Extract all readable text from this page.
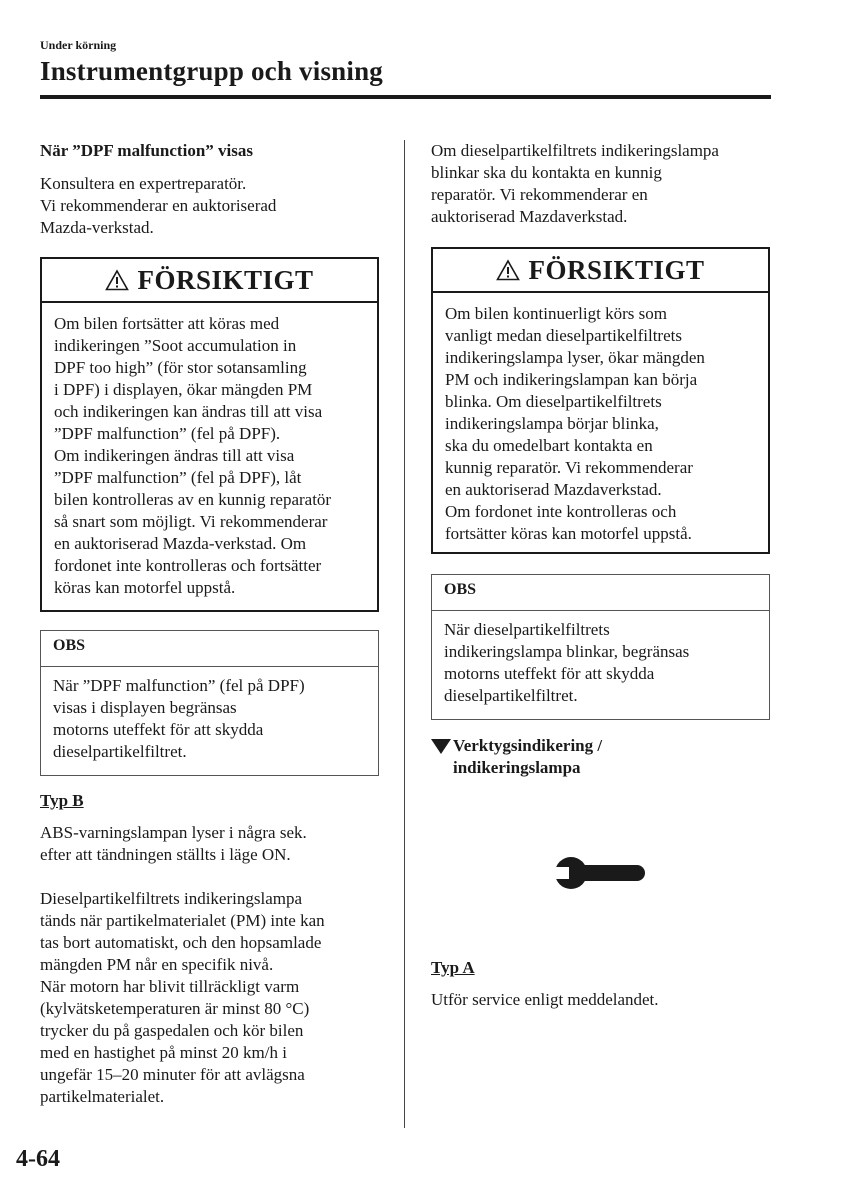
Under körning
Instrumentgrupp och visning
När ”DPF malfunction” visas
Konsultera en expertreparatör.
Vi rekommenderar en auktoriserad
Mazda-verkstad.
FÖRSIKTIGT
Om bilen fortsätter att köras med
indikeringen ”Soot accumulation in
DPF too high” (för stor sotansamling
i DPF) i displayen, ökar mängden PM
och indikeringen kan ändras till att visa
”DPF malfunction” (fel på DPF).
Om indikeringen ändras till att visa
”DPF malfunction” (fel på DPF), låt
bilen kontrolleras av en kunnig reparatör
så snart som möjligt. Vi rekommenderar
en auktoriserad Mazda-verkstad. Om
fordonet inte kontrolleras och fortsätter
köras kan motorfel uppstå.
OBS
När ”DPF malfunction” (fel på DPF)
visas i displayen begränsas
motorns uteffekt för att skydda
dieselpartikelfiltret.
Typ B
ABS-varningslampan lyser i några sek.
efter att tändningen ställts i läge ON.
Dieselpartikelfiltrets indikeringslampa
tänds när partikelmaterialet (PM) inte kan
tas bort automatiskt, och den hopsamlade
mängden PM når en specifik nivå.
När motorn har blivit tillräckligt varm
(kylvätsketemperaturen är minst 80 °C)
trycker du på gaspedalen och kör bilen
med en hastighet på minst 20 km/h i
ungefär 15–20 minuter för att avlägsna
partikelmaterialet.
Om dieselpartikelfiltrets indikeringslampa
blinkar ska du kontakta en kunnig
reparatör. Vi rekommenderar en
auktoriserad Mazdaverkstad.
FÖRSIKTIGT
Om bilen kontinuerligt körs som
vanligt medan dieselpartikelfiltrets
indikeringslampa lyser, ökar mängden
PM och indikeringslampan kan börja
blinka. Om dieselpartikelfiltrets
indikeringslampa börjar blinka,
ska du omedelbart kontakta en
kunnig reparatör. Vi rekommenderar
en auktoriserad Mazdaverkstad.
Om fordonet inte kontrolleras och
fortsätter köras kan motorfel uppstå.
OBS
När dieselpartikelfiltrets
indikeringslampa blinkar, begränsas
motorns uteffekt för att skydda
dieselpartikelfiltret.
Verktygsindikering /
indikeringslampa
Typ A
Utför service enligt meddelandet.
4-64
